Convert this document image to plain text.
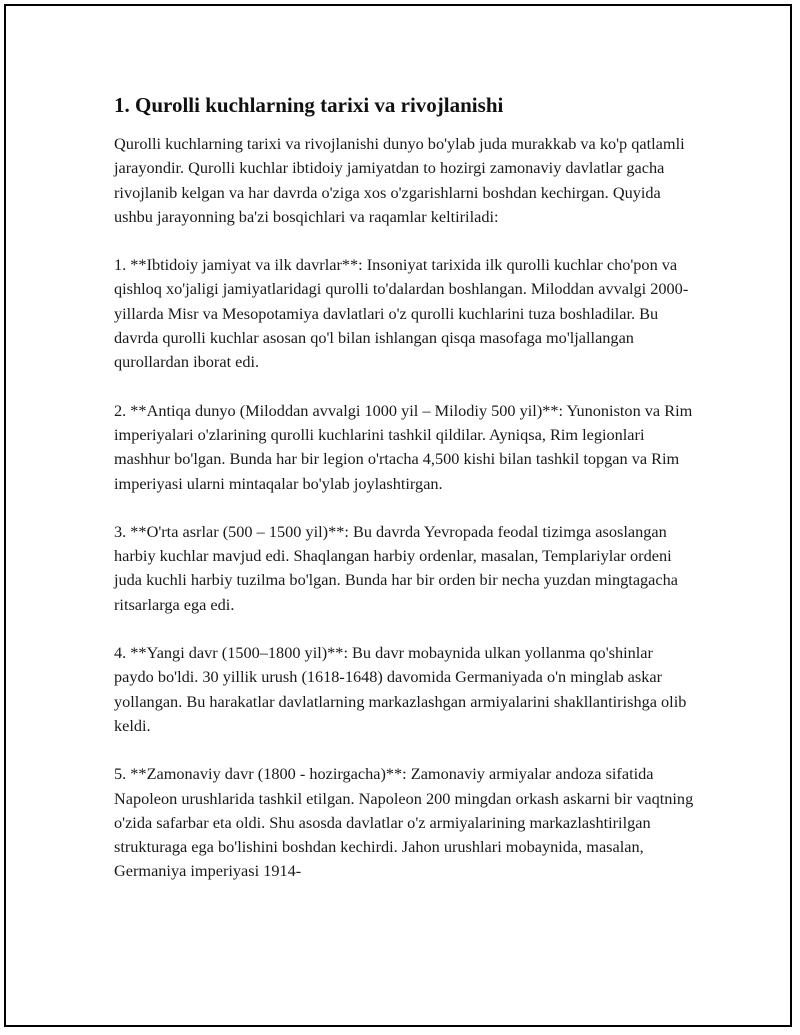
1. Qurolli kuchlarning tarixi va rivojlanishi

Qurolli kuchlarning tarixi va rivojlanishi dunyo bo'ylab juda murakkab va ko'p qatlamli jarayondir. Qurolli kuchlar ibtidoiy jamiyatdan to hozirgi zamonaviy davlatlar gacha rivojlanib kelgan va har davrda o'ziga xos o'zgarishlarni boshdan kechirgan. Quyida ushbu jarayonning ba'zi bosqichlari va raqamlar keltiriladi:

1. **Ibtidoiy jamiyat va ilk davrlar**: Insoniyat tarixida ilk qurolli kuchlar cho'pon va qishloq xo'jaligi jamiyatlaridagi qurolli to'dalardan boshlangan. Miloddan avvalgi 2000-yillarda Misr va Mesopotamiya davlatlari o'z qurolli kuchlarini tuza boshladilar. Bu davrda qurolli kuchlar asosan qo'l bilan ishlangan qisqa masofaga mo'ljallangan qurollardan iborat edi.

2. **Antiqa dunyo (Miloddan avvalgi 1000 yil – Milodiy 500 yil)**: Yunoniston va Rim imperiyalari o'zlarining qurolli kuchlarini tashkil qildilar. Ayniqsa, Rim legionlari mashhur bo'lgan. Bunda har bir legion o'rtacha 4,500 kishi bilan tashkil topgan va Rim imperiyasi ularni mintaqalar bo'ylab joylashtirgan.

3. **O'rta asrlar (500 – 1500 yil)**: Bu davrda Yevropada feodal tizimga asoslangan harbiy kuchlar mavjud edi. Shaqlangan harbiy ordenlar, masalan, Templariylar ordeni juda kuchli harbiy tuzilma bo'lgan. Bunda har bir orden bir necha yuzdan mingtagacha ritsarlarga ega edi.

4. **Yangi davr (1500–1800 yil)**: Bu davr mobaynida ulkan yollanma qo'shinlar paydo bo'ldi. 30 yillik urush (1618-1648) davomida Germaniyada o'n minglab askar yollangan. Bu harakatlar davlatlarning markazlashgan armiyalarini shakllantirishga olib keldi.

5. **Zamonaviy davr (1800 - hozirgacha)**: Zamonaviy armiyalar andoza sifatida Napoleon urushlarida tashkil etilgan. Napoleon 200 mingdan orkash askarni bir vaqtning o'zida safarbar eta oldi. Shu asosda davlatlar o'z armiyalarining markazlashtirilgan strukturaga ega bo'lishini boshdan kechirdi. Jahon urushlari mobaynida, masalan, Germaniya imperiyasi 1914-
